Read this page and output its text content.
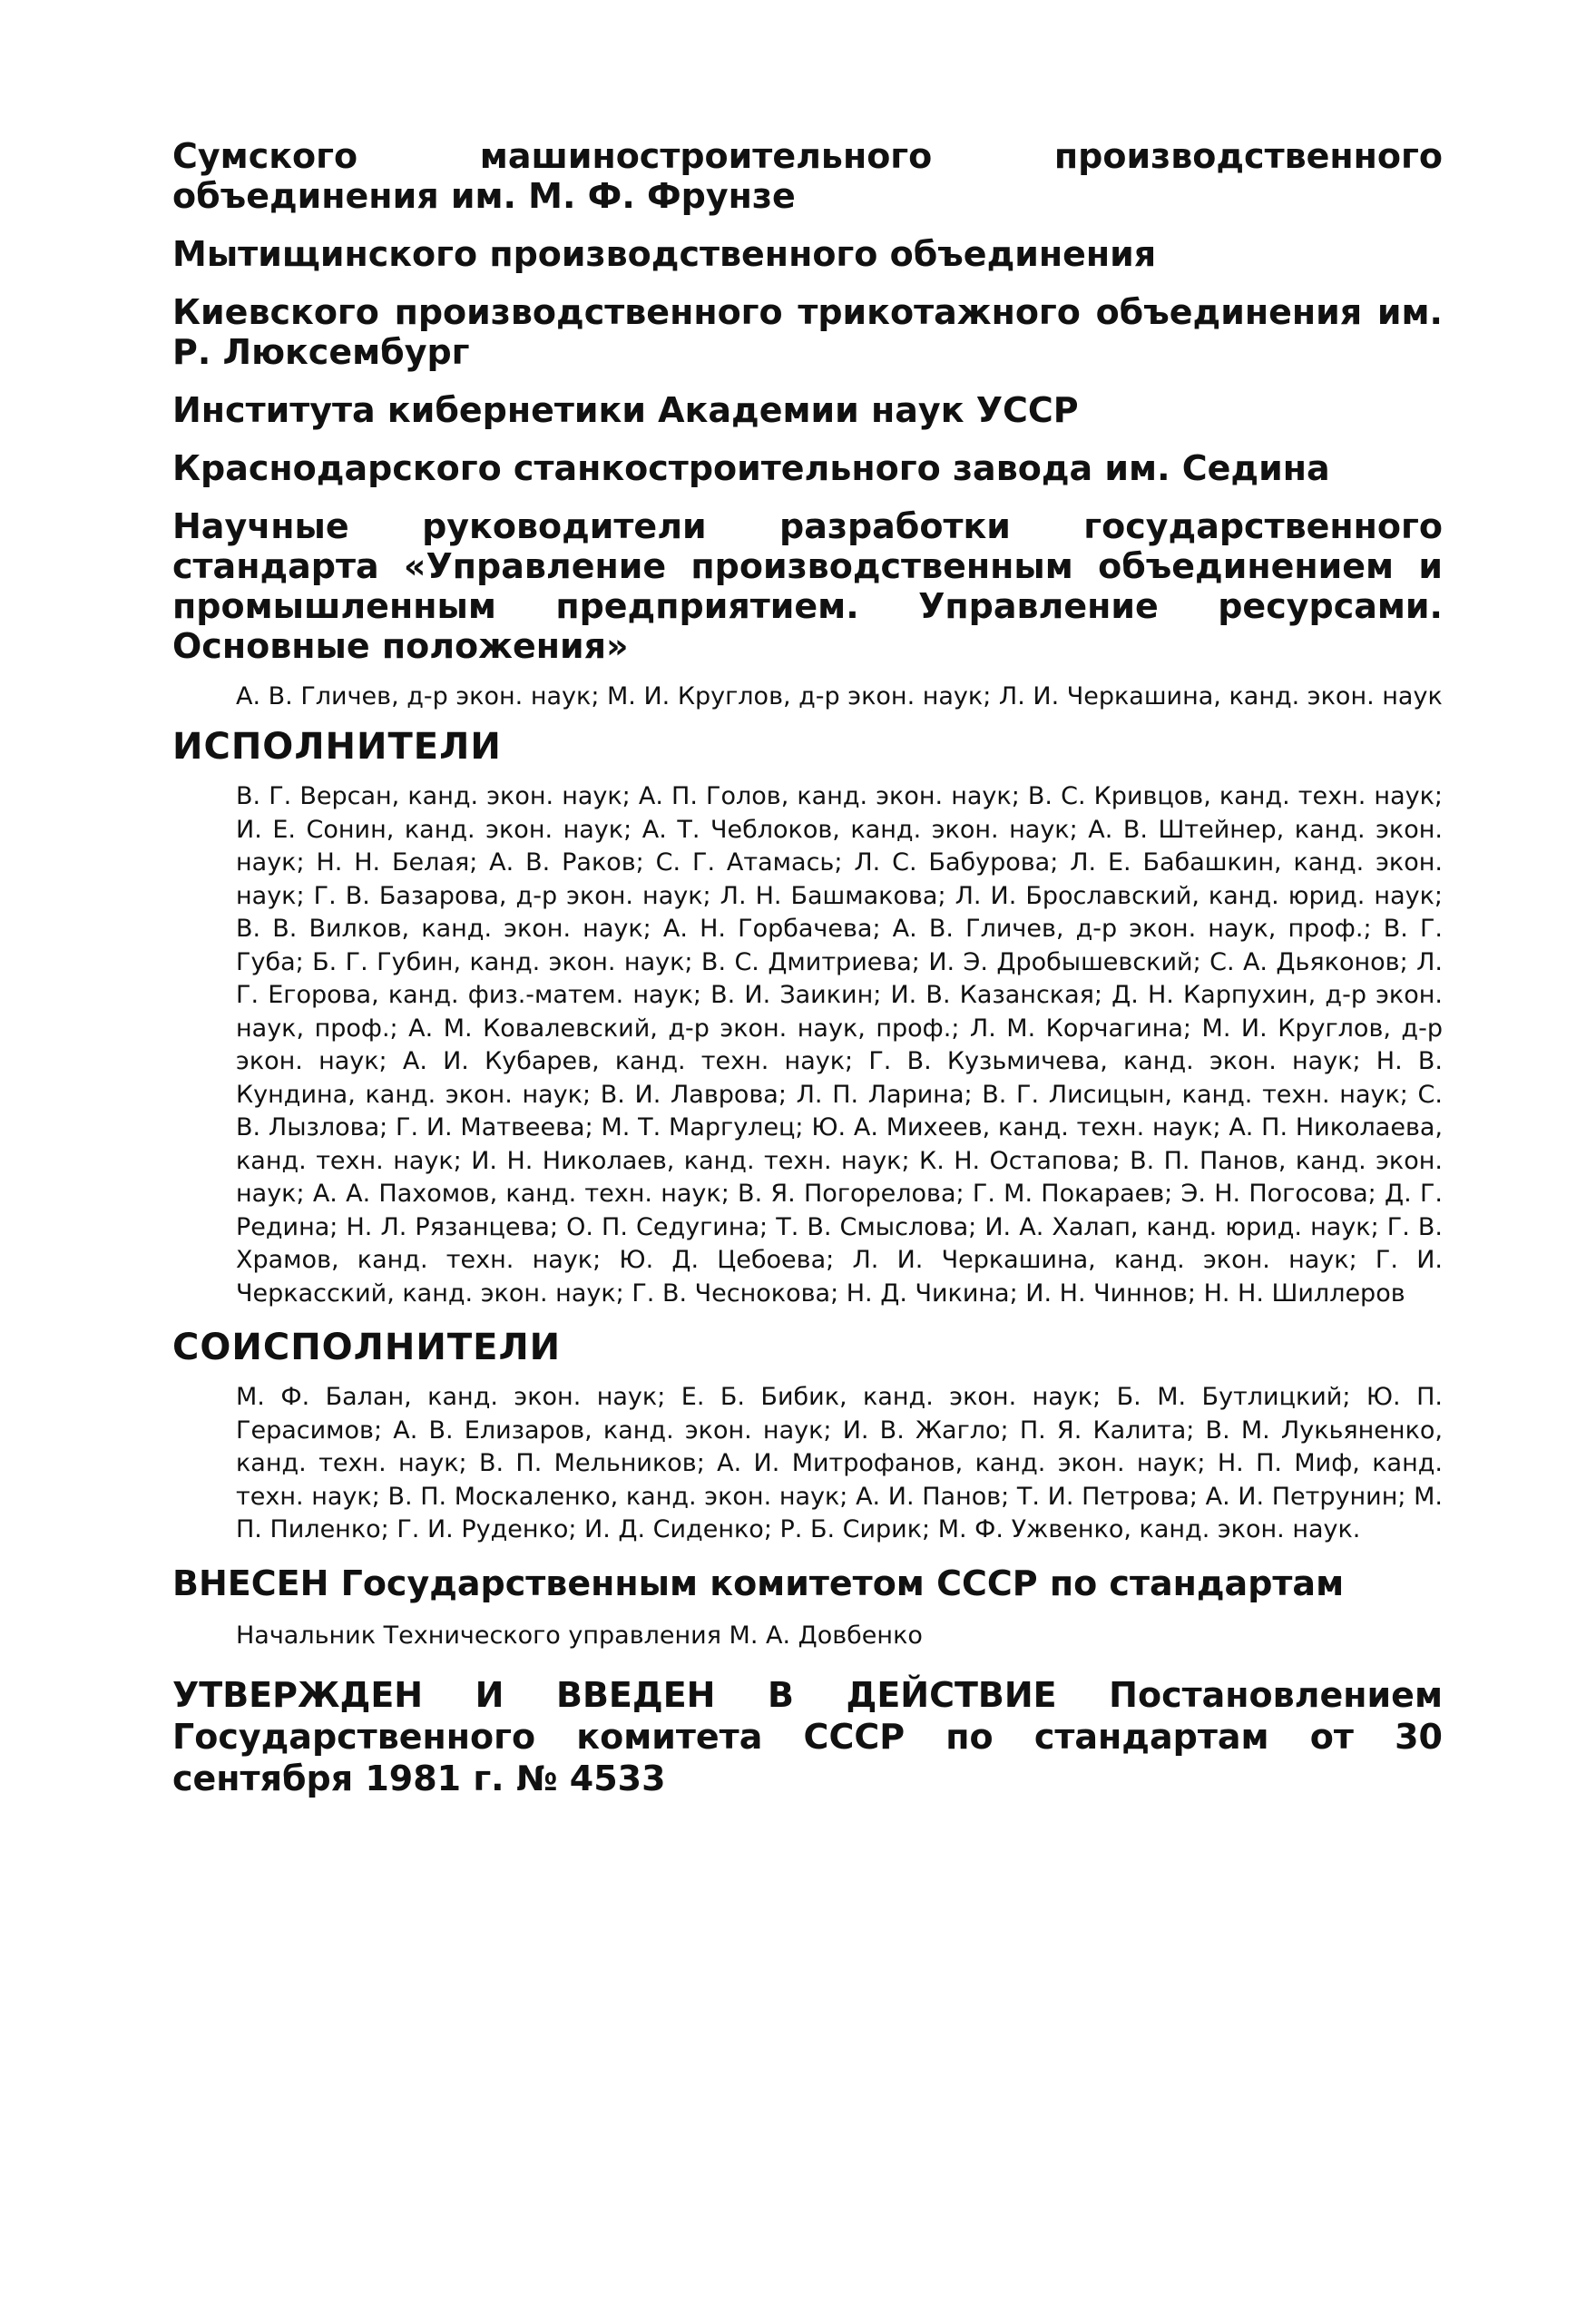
Сумского машиностроительного производственного объединения им. М. Ф. Фрунзе

Мытищинского производственного объединения

Киевского производственного трикотажного объединения им. Р. Люксембург

Института кибернетики Академии наук УССР

Краснодарского станкостроительного завода им. Седина

Научные руководители разработки государственного стандарта «Управление производственным объединением и промышленным предприятием. Управление ресурсами. Основные положения»

А. В. Гличев, д-р экон. наук; М. И. Круглов, д-р экон. наук; Л. И. Черкашина, канд. экон. наук

ИСПОЛНИТЕЛИ

В. Г. Версан, канд. экон. наук; А. П. Голов, канд. экон. наук; В. С. Кривцов, канд. техн. наук; И. Е. Сонин, канд. экон. наук; А. Т. Чеблоков, канд. экон. наук; А. В. Штейнер, канд. экон. наук; Н. Н. Белая; А. В. Раков; С. Г. Атамась; Л. С. Бабурова; Л. Е. Бабашкин, канд. экон. наук; Г. В. Базарова, д-р экон. наук; Л. Н. Башмакова; Л. И. Брославский, канд. юрид. наук; В. В. Вилков, канд. экон. наук; А. Н. Горбачева; А. В. Гличев, д-р экон. наук, проф.; В. Г. Губа; Б. Г. Губин, канд. экон. наук; В. С. Дмитриева; И. Э. Дробышевский; С. А. Дьяконов; Л. Г. Егорова, канд. физ.-матем. наук; В. И. Заикин; И. В. Казанская; Д. Н. Карпухин, д-р экон. наук, проф.; А. М. Ковалевский, д-р экон. наук, проф.; Л. М. Корчагина; М. И. Круглов, д-р экон. наук; А. И. Кубарев, канд. техн. наук; Г. В. Кузьмичева, канд. экон. наук; Н. В. Кундина, канд. экон. наук; В. И. Лаврова; Л. П. Ларина; В. Г. Лисицын, канд. техн. наук; С. В. Лызлова; Г. И. Матвеева; М. Т. Маргулец; Ю. А. Михеев, канд. техн. наук; А. П. Николаева, канд. техн. наук; И. Н. Николаев, канд. техн. наук; К. Н. Остапова; В. П. Панов, канд. экон. наук; А. А. Пахомов, канд. техн. наук; В. Я. Погорелова; Г. М. Покараев; Э. Н. Погосова; Д. Г. Редина; Н. Л. Рязанцева; О. П. Седугина; Т. В. Смыслова; И. А. Халап, канд. юрид. наук; Г. В. Храмов, канд. техн. наук; Ю. Д. Цебоева; Л. И. Черкашина, канд. экон. наук; Г. И. Черкасский, канд. экон. наук; Г. В. Чеснокова; Н. Д. Чикина; И. Н. Чиннов; Н. Н. Шиллеров

СОИСПОЛНИТЕЛИ

М. Ф. Балан, канд. экон. наук; Е. Б. Бибик, канд. экон. наук; Б. М. Бутлицкий; Ю. П. Герасимов; А. В. Елизаров, канд. экон. наук; И. В. Жагло; П. Я. Калита; В. М. Лукьяненко, канд. техн. наук; В. П. Мельников; А. И. Митрофанов, канд. экон. наук; Н. П. Миф, канд. техн. наук; В. П. Москаленко, канд. экон. наук; А. И. Панов; Т. И. Петрова; А. И. Петрунин; М. П. Пиленко; Г. И. Руденко; И. Д. Сиденко; Р. Б. Сирик; М. Ф. Ужвенко, канд. экон. наук.

ВНЕСЕН Государственным комитетом СССР по стандартам

Начальник Технического управления М. А. Довбенко

УТВЕРЖДЕН И ВВЕДЕН В ДЕЙСТВИЕ Постановлением Государственного комитета СССР по стандартам от 30 сентября 1981 г. № 4533
